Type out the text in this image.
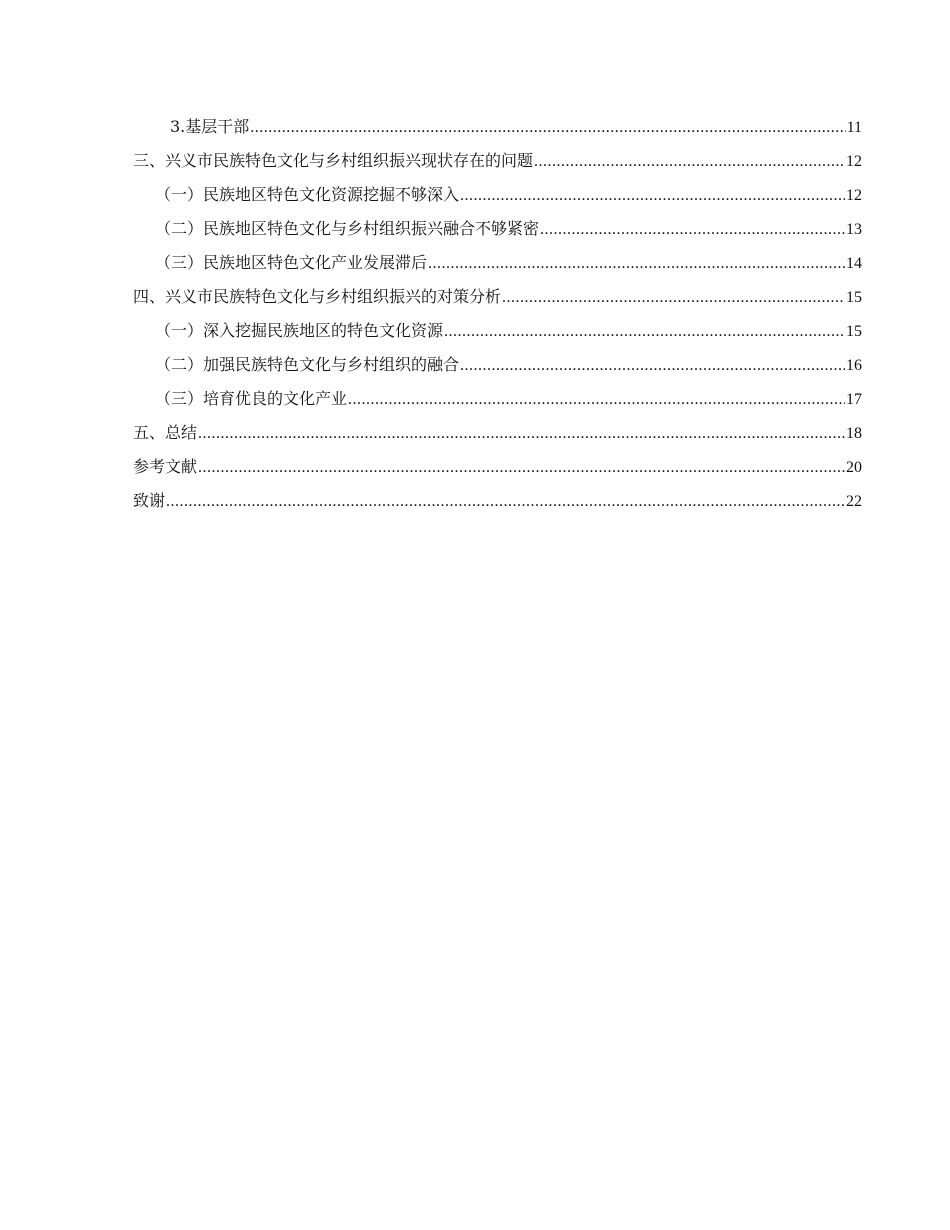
3.基层干部 .....	11
三、兴义市民族特色文化与乡村组织振兴现状存在的问题 .....	12
（一）民族地区特色文化资源挖掘不够深入 .....	12
（二）民族地区特色文化与乡村组织振兴融合不够紧密 .....	13
（三）民族地区特色文化产业发展滞后 .....	14
四、兴义市民族特色文化与乡村组织振兴的对策分析 .....	15
（一）深入挖掘民族地区的特色文化资源 .....	15
（二）加强民族特色文化与乡村组织的融合 .....	16
（三）培育优良的文化产业 .....	17
五、总结 .....	18
参考文献 .....	20
致谢 .....	22
